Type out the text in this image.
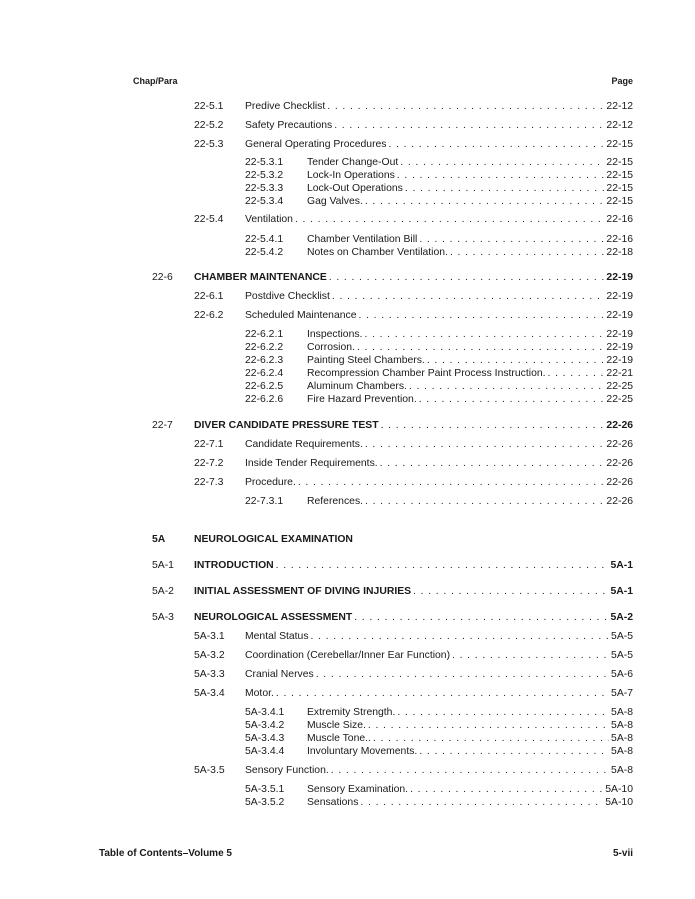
Chap/Para	Page
22-5.1 Predive Checklist . . .	22-12
22-5.2 Safety Precautions . . .	22-12
22-5.3 General Operating Procedures . . .	22-15
22-5.3.1 Tender Change-Out . . .	22-15
22-5.3.2 Lock-In Operations . . .	22-15
22-5.3.3 Lock-Out Operations . . .	22-15
22-5.3.4 Gag Valves. . . .	22-15
22-5.4 Ventilation . . .	22-16
22-5.4.1 Chamber Ventilation Bill . . .	22-16
22-5.4.2 Notes on Chamber Ventilation. . . .	22-18
22-6 CHAMBER MAINTENANCE . . .	22-19
22-6.1 Postdive Checklist . . .	22-19
22-6.2 Scheduled Maintenance . . .	22-19
22-6.2.1 Inspections. . . .	22-19
22-6.2.2 Corrosion. . . .	22-19
22-6.2.3 Painting Steel Chambers. . . .	22-19
22-6.2.4 Recompression Chamber Paint Process Instruction. . . .	22-21
22-6.2.5 Aluminum Chambers. . . .	22-25
22-6.2.6 Fire Hazard Prevention. . . .	22-25
22-7 DIVER CANDIDATE PRESSURE TEST . . .	22-26
22-7.1 Candidate Requirements. . . .	22-26
22-7.2 Inside Tender Requirements. . . .	22-26
22-7.3 Procedure. . . .	22-26
22-7.3.1 References. . . .	22-26
5A	NEUROLOGICAL EXAMINATION
5A-1 INTRODUCTION . . .	5A-1
5A-2 INITIAL ASSESSMENT OF DIVING INJURIES . . .	5A-1
5A-3 NEUROLOGICAL ASSESSMENT . . .	5A-2
5A-3.1 Mental Status . . .	5A-5
5A-3.2 Coordination (Cerebellar/Inner Ear Function) . . .	5A-5
5A-3.3 Cranial Nerves . . .	5A-6
5A-3.4 Motor. . . .	5A-7
5A-3.4.1 Extremity Strength. . . .	5A-8
5A-3.4.2 Muscle Size. . . .	5A-8
5A-3.4.3 Muscle Tone.. . . .	5A-8
5A-3.4.4 Involuntary Movements. . . .	5A-8
5A-3.5 Sensory Function. . . .	5A-8
5A-3.5.1 Sensory Examination. . . .	5A-10
5A-3.5.2 Sensations . . .	5A-10
Table of Contents–Volume 5	5-vii
